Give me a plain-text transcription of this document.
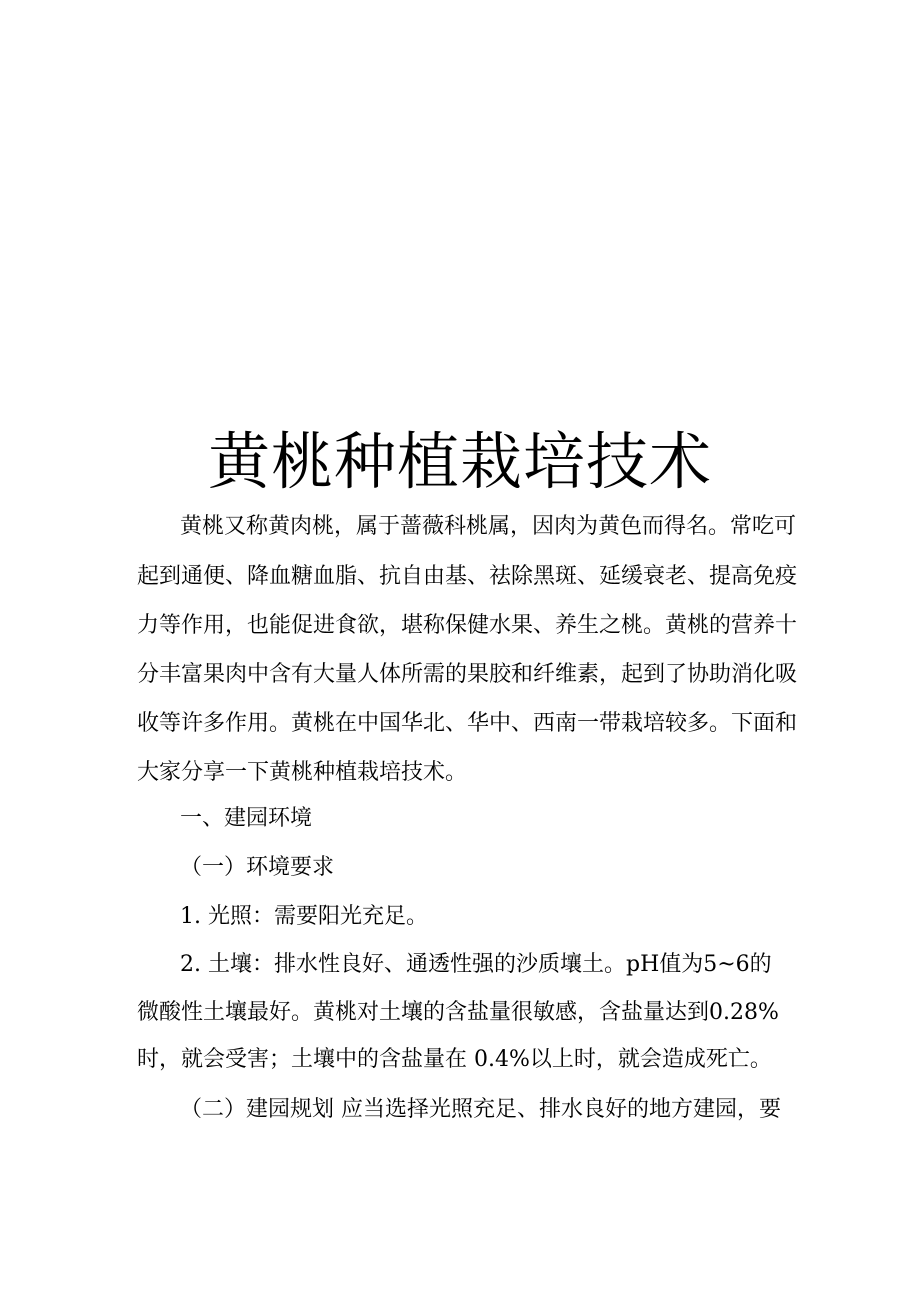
黄桃种植栽培技术

黄桃又称黄肉桃，属于蔷薇科桃属，因肉为黄色而得名。常吃可

起到通便、降血糖血脂、抗自由基、祛除黑斑、延缓衰老、提高免疫

力等作用，也能促进食欲，堪称保健水果、养生之桃。黄桃的营养十

分丰富果肉中含有大量人体所需的果胶和纤维素，起到了协助消化吸

收等许多作用。黄桃在中国华北、华中、西南一带栽培较多。下面和

大家分享一下黄桃种植栽培技术。

一、建园环境

（一）环境要求

1. 光照：需要阳光充足。

2. 土壤：排水性良好、通透性强的沙质壤土。pH值为5~6的

微酸性土壤最好。黄桃对土壤的含盐量很敏感，含盐量达到0.28%

时，就会受害；土壤中的含盐量在 0.4%以上时，就会造成死亡。

（二）建园规划 应当选择光照充足、排水良好的地方建园，要
